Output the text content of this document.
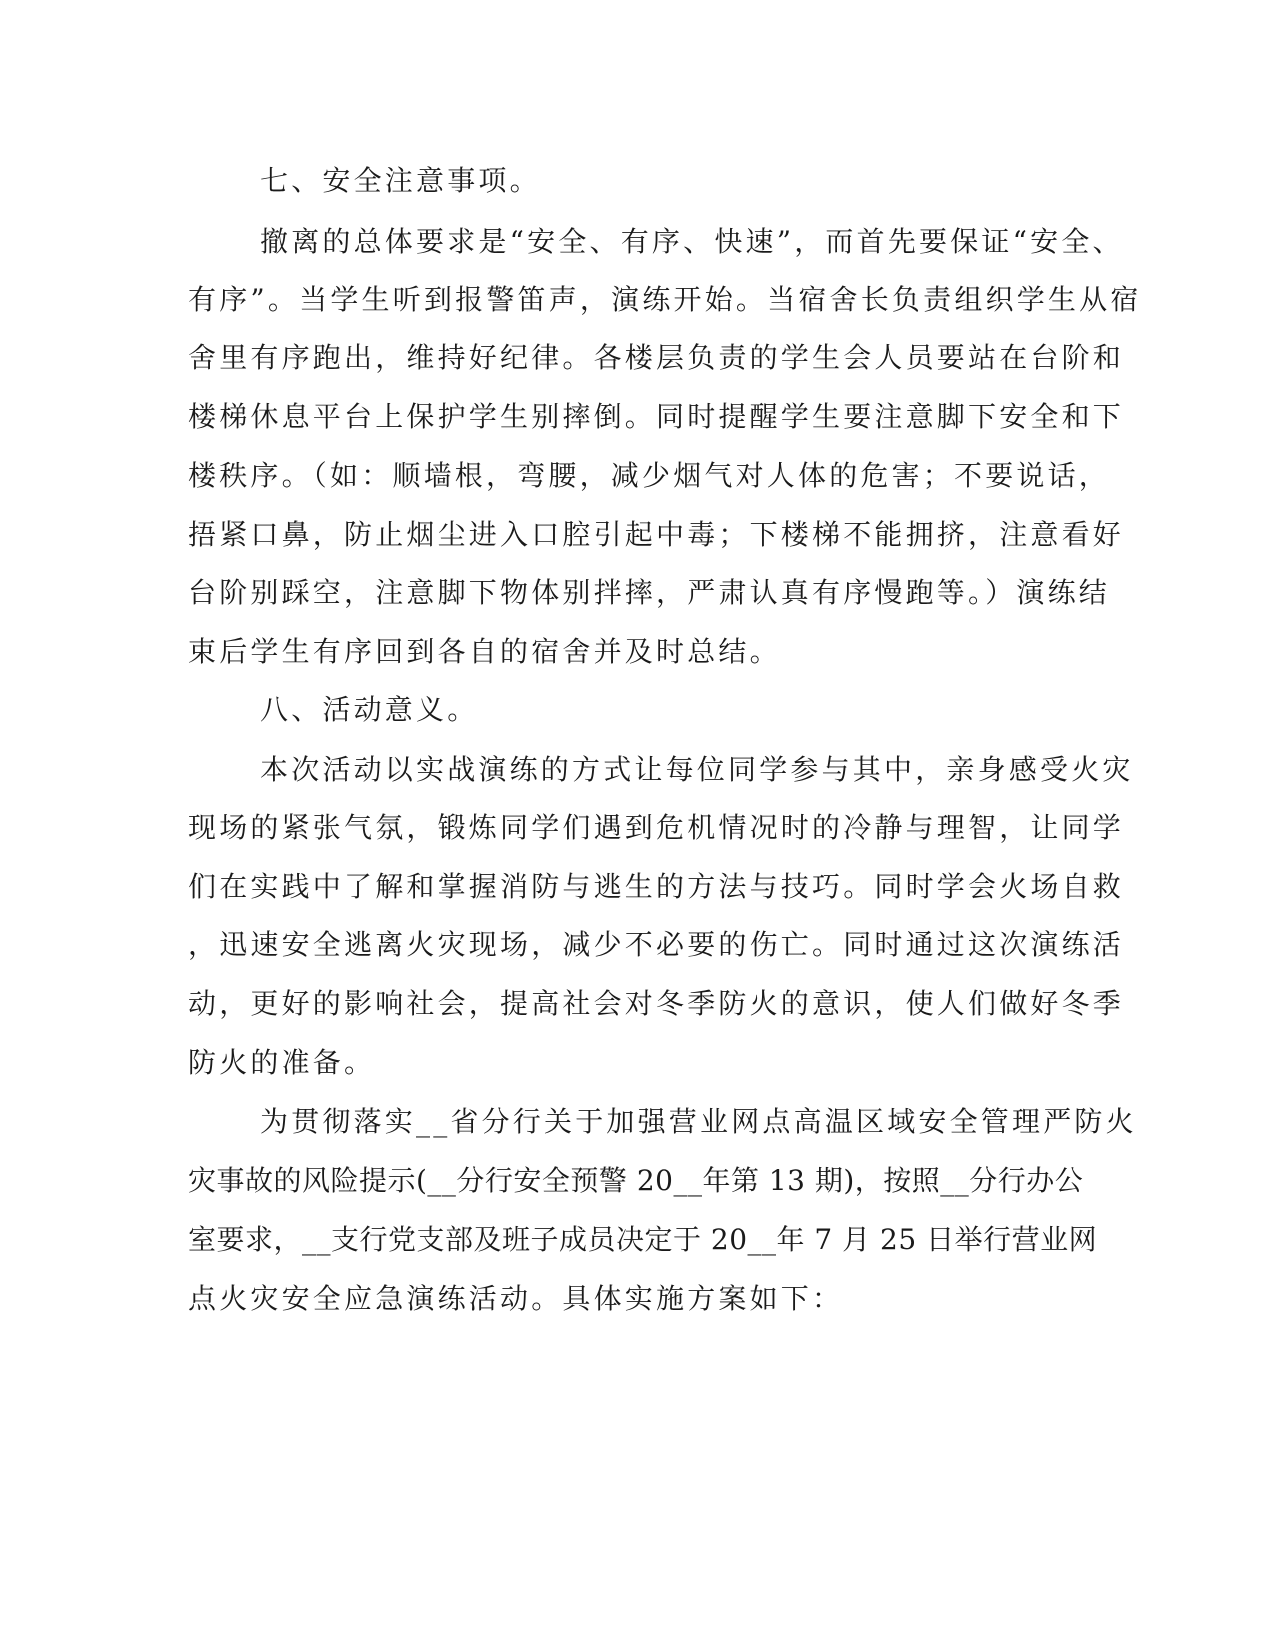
七、安全注意事项。

撤离的总体要求是“安全、有序、快速”，而首先要保证“安全、

有序”。当学生听到报警笛声，演练开始。当宿舍长负责组织学生从宿

舍里有序跑出，维持好纪律。各楼层负责的学生会人员要站在台阶和

楼梯休息平台上保护学生别摔倒。同时提醒学生要注意脚下安全和下

楼秩序。（如：顺墙根，弯腰，减少烟气对人体的危害；不要说话，

捂紧口鼻，防止烟尘进入口腔引起中毒；下楼梯不能拥挤，注意看好

台阶别踩空，注意脚下物体别拌摔，严肃认真有序慢跑等。）演练结

束后学生有序回到各自的宿舍并及时总结。

八、活动意义。

本次活动以实战演练的方式让每位同学参与其中，亲身感受火灾

现场的紧张气氛，锻炼同学们遇到危机情况时的冷静与理智，让同学

们在实践中了解和掌握消防与逃生的方法与技巧。同时学会火场自救

，迅速安全逃离火灾现场，减少不必要的伤亡。同时通过这次演练活

动，更好的影响社会，提高社会对冬季防火的意识，使人们做好冬季

防火的准备。

为贯彻落实__省分行关于加强营业网点高温区域安全管理严防火

灾事故的风险提示(__分行安全预警 20__年第 13 期)，按照__分行办公

室要求，__支行党支部及班子成员决定于 20__年 7 月 25 日举行营业网

点火灾安全应急演练活动。具体实施方案如下：
